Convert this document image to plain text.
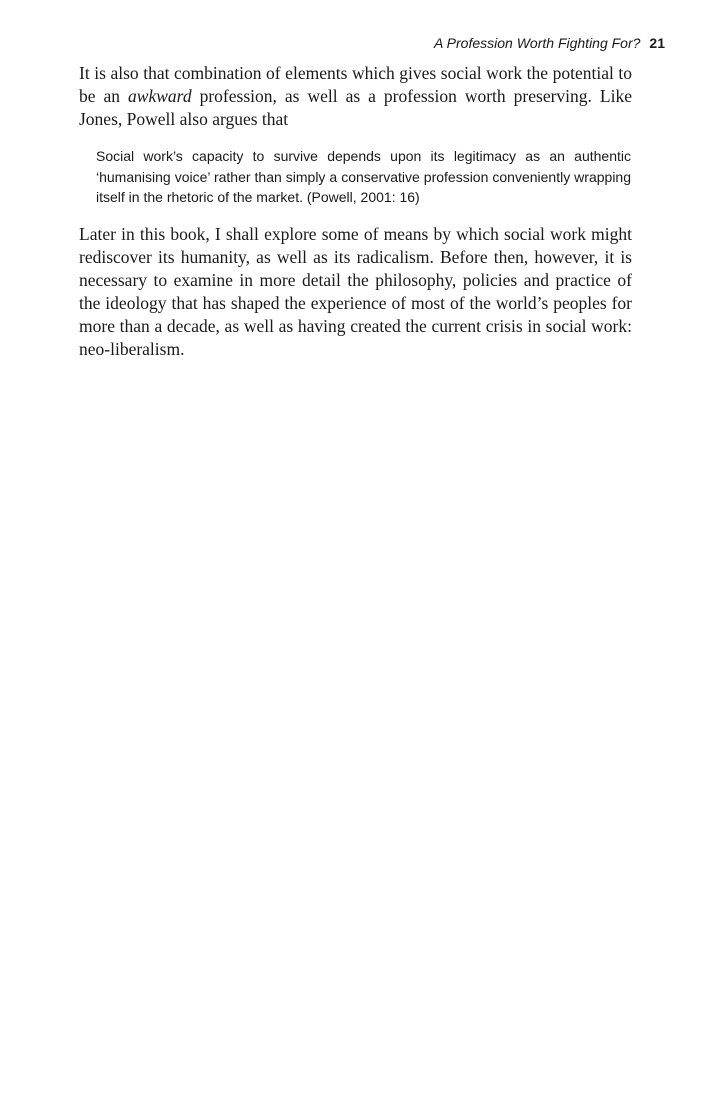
A Profession Worth Fighting For? 21

It is also that combination of elements which gives social work the potential to be an awkward profession, as well as a profession worth preserving. Like Jones, Powell also argues that

Social work’s capacity to survive depends upon its legitimacy as an authentic ‘humanising voice’ rather than simply a conservative profession conveniently wrapping itself in the rhetoric of the market. (Powell, 2001: 16)

Later in this book, I shall explore some of means by which social work might rediscover its humanity, as well as its radicalism. Before then, however, it is necessary to examine in more detail the philosophy, policies and practice of the ideology that has shaped the experience of most of the world’s peoples for more than a decade, as well as having created the current crisis in social work: neo-liberalism.
